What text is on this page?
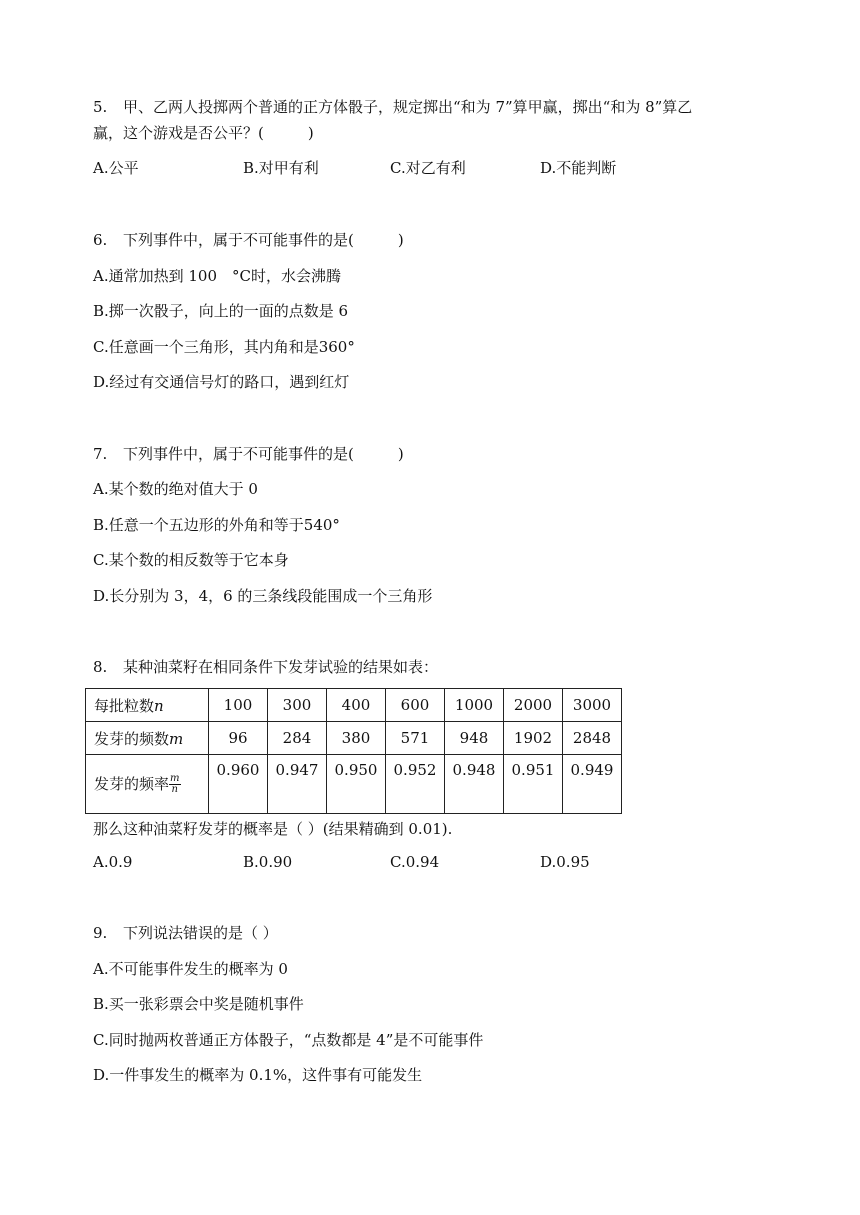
5. 甲、乙两人投掷两个普通的正方体骰子，规定掷出“和为 7”算甲赢，掷出“和为 8”算乙
赢，这个游戏是否公平？(	)
A.公平	B.对甲有利	C.对乙有利	D.不能判断
6. 下列事件中，属于不可能事件的是(	)
A.通常加热到 100　°C时，水会沸腾
B.掷一次骰子，向上的一面的点数是 6
C.任意画一个三角形，其内角和是360°
D.经过有交通信号灯的路口，遇到红灯
7. 下列事件中，属于不可能事件的是(	)
A.某个数的绝对值大于 0
B.任意一个五边形的外角和等于540°
C.某个数的相反数等于它本身
D.长分别为 3，4，6 的三条线段能围成一个三角形
8. 某种油菜籽在相同条件下发芽试验的结果如表：
每批粒数n	100	300	400	600	1000	2000	3000
发芽的频数m	96	284	380	571	948	1902	2848
发芽的频率 $\frac{m}{n}$	0.960	0.947	0.950	0.952	0.948	0.951	0.949
那么这种油菜籽发芽的概率是（ ）(结果精确到 0.01).
A.0.9	B.0.90	C.0.94	D.0.95
9. 下列说法错误的是（ ）
A.不可能事件发生的概率为 0
B.买一张彩票会中奖是随机事件
C.同时抛两枚普通正方体骰子，“点数都是 4”是不可能事件
D.一件事发生的概率为 0.1%，这件事有可能发生
